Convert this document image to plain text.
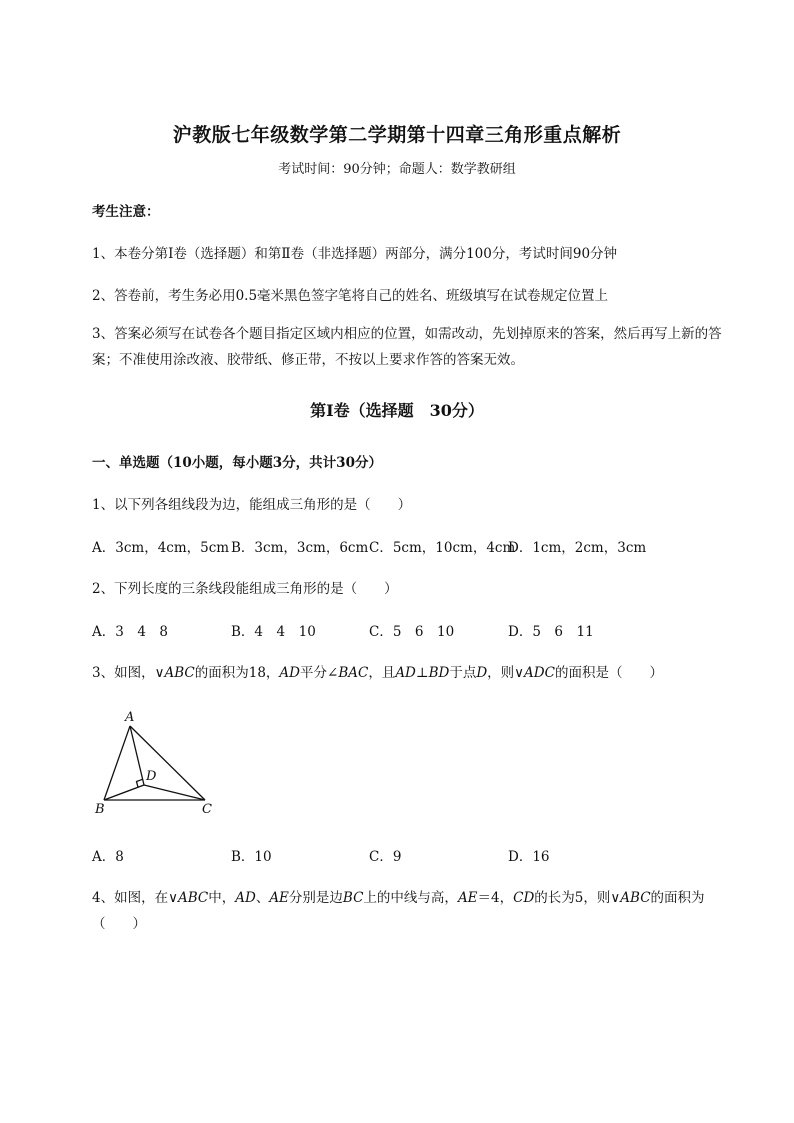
沪教版七年级数学第二学期第十四章三角形重点解析
考试时间：90分钟；命题人：数学教研组
考生注意：
1、本卷分第Ⅰ卷（选择题）和第Ⅱ卷（非选择题）两部分，满分100分，考试时间90分钟
2、答卷前，考生务必用0.5毫米黑色签字笔将自己的姓名、班级填写在试卷规定位置上
3、答案必须写在试卷各个题目指定区域内相应的位置，如需改动，先划掉原来的答案，然后再写上新的答案；不准使用涂改液、胶带纸、修正带，不按以上要求作答的答案无效。
第Ⅰ卷（选择题　30分）
一、单选题（10小题，每小题3分，共计30分）
1、以下列各组线段为边，能组成三角形的是（　　）
A．3cm，4cm，5cm B．3cm，3cm，6cm C．5cm，10cm，4cm
D．1cm，2cm，3cm
2、下列长度的三条线段能组成三角形的是（　　）
A．3　4　8	B．4　4　10	C．5　6　10	D．5　6　11
3、如图，∨ABC的面积为18，AD平分∠BAC，且AD⊥BD于点D，则∨ADC的面积是（　　）
A
B	C
D
A．8	B．10	C．9	D．16
4、如图，在∨ABC中，AD、AE分别是边BC上的中线与高，AE＝4，CD的长为5，则∨ABC的面积为
（　　）
